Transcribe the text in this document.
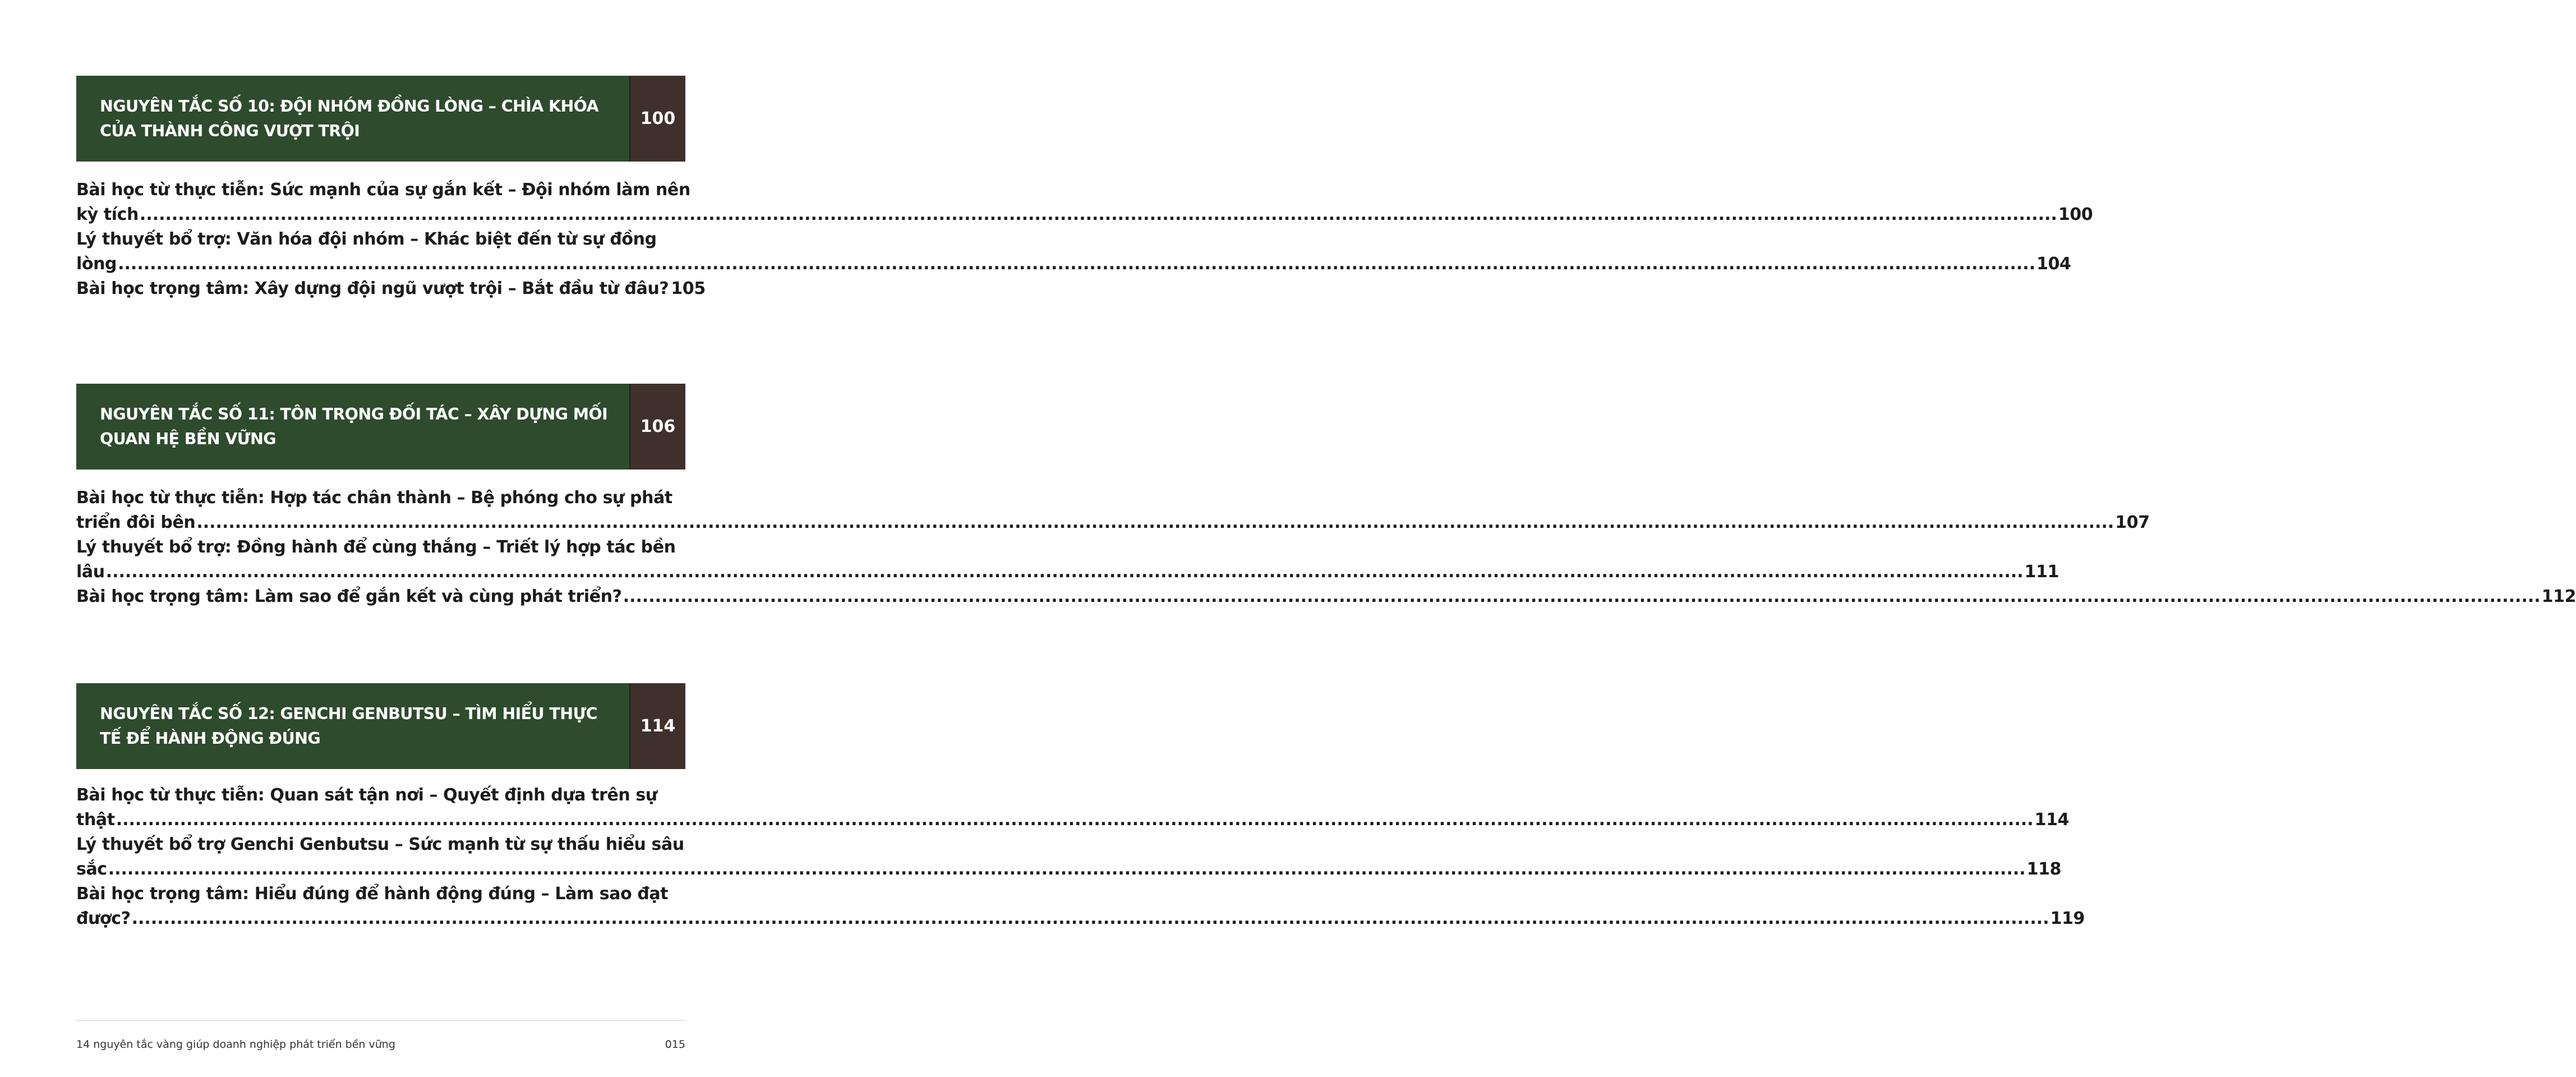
NGUYÊN TẮC SỐ 10: ĐỘI NHÓM ĐỒNG LÒNG – CHÌA KHÓA CỦA THÀNH CÔNG VƯỢT TRỘI
100
Bài học từ thực tiễn: Sức mạnh của sự gắn kết – Đội nhóm làm nên
kỳ tích ............................................................................................................................................................................................................................................................................................................ 100
Lý thuyết bổ trợ: Văn hóa đội nhóm – Khác biệt đến từ sự đồng
lòng ............................................................................................................................................................................................................................................................................................................ 104
Bài học trọng tâm: Xây dựng đội ngũ vượt trội – Bắt đầu từ đâu? 105
NGUYÊN TẮC SỐ 11: TÔN TRỌNG ĐỐI TÁC – XÂY DỰNG MỐI QUAN HỆ BỀN VỮNG
106
Bài học từ thực tiễn: Hợp tác chân thành – Bệ phóng cho sự phát
triển đôi bên ............................................................................................................................................................................................................................................................................................................ 107
Lý thuyết bổ trợ: Đồng hành để cùng thắng – Triết lý hợp tác bền
lâu ............................................................................................................................................................................................................................................................................................................ 111
Bài học trọng tâm: Làm sao để gắn kết và cùng phát triển? ............................................................................................................................................................................................................................................................................................................ 112
NGUYÊN TẮC SỐ 12: GENCHI GENBUTSU – TÌM HIỂU THỰC TẾ ĐỂ HÀNH ĐỘNG ĐÚNG
114
Bài học từ thực tiễn: Quan sát tận nơi – Quyết định dựa trên sự
thật ............................................................................................................................................................................................................................................................................................................ 114
Lý thuyết bổ trợ Genchi Genbutsu – Sức mạnh từ sự thấu hiểu sâu
sắc ............................................................................................................................................................................................................................................................................................................ 118
Bài học trọng tâm: Hiểu đúng để hành động đúng – Làm sao đạt
được? ............................................................................................................................................................................................................................................................................................................ 119
14 nguyên tắc vàng giúp doanh nghiệp phát triển bền vững	015
